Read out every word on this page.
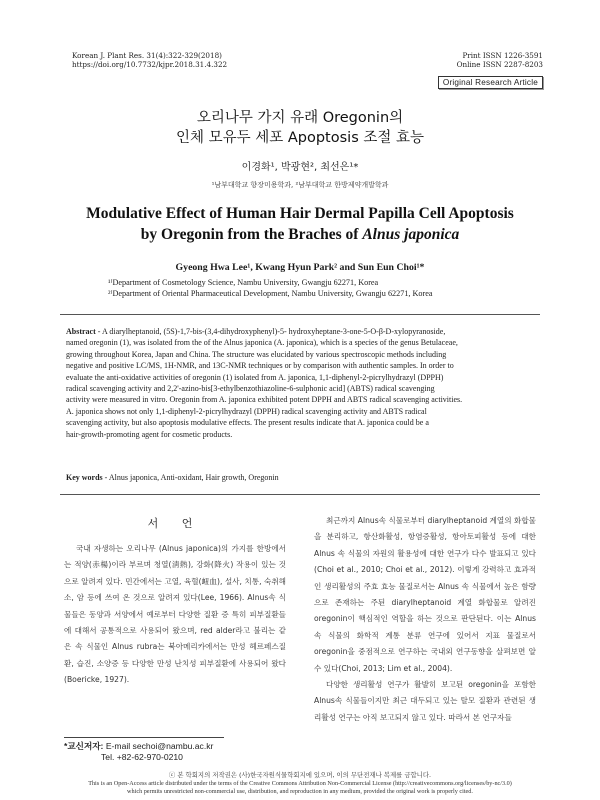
Korean J. Plant Res. 31(4):322-329(2018)
https://doi.org/10.7732/kjpr.2018.31.4.322
Print ISSN 1226-3591
Online ISSN 2287-8203
Original Research Article
오리나무 가지 유래 Oregonin의
인체 모유두 세포 Apoptosis 조절 효능
이경화¹, 박광현², 최선은¹*
¹남부대학교 향장미용학과, ²남부대학교 한방제약개발학과
Modulative Effect of Human Hair Dermal Papilla Cell Apoptosis
by Oregonin from the Braches of Alnus japonica
Gyeong Hwa Lee¹, Kwang Hyun Park² and Sun Eun Choi¹*
¹⁾Department of Cosmetology Science, Nambu University, Gwangju 62271, Korea
²⁾Department of Oriental Pharmaceutical Development, Nambu University, Gwangju 62271, Korea
Abstract - A diarylheptanoid, (5S)-1,7-bis-(3,4-dihydroxyphenyl)-5- hydroxyheptane-3-one-5-O-β-D-xylopyranoside,
named oregonin (1), was isolated from the of the Alnus japonica (A. japonica), which is a species of the genus Betulaceae,
growing throughout Korea, Japan and China. The structure was elucidated by various spectroscopic methods including
negative and positive LC/MS, 1H-NMR, and 13C-NMR techniques or by comparison with authentic samples. In order to
evaluate the anti-oxidative activities of oregonin (1) isolated from A. japonica, 1,1-diphenyl-2-picrylhydrazyl (DPPH)
radical scavenging activity and 2,2'-azino-bis[3-ethylbenzothiazoline-6-sulphonic acid] (ABTS) radical scavenging
activity were measured in vitro. Oregonin from A. japonica exhibited potent DPPH and ABTS radical scavenging activities.
A. japonica shows not only 1,1-diphenyl-2-picrylhydrazyl (DPPH) radical scavenging activity and ABTS radical
scavenging activity, but also apoptosis modulative effects. The present results indicate that A. japonica could be a
hair-growth-promoting agent for cosmetic products.
Key words - Alnus japonica, Anti-oxidant, Hair growth, Oregonin
서 언

국내 자생하는 오리나무 (Alnus japonica)의 가지를 한방에서는 적양(赤楊)이라 부르며 청열(淸熱), 강화(降火) 작용이 있는 것으로 알려져 있다. 민간에서는 고열, 육혈(衄血), 설사, 치통, 숙취해소, 암 등에 쓰여 온 것으로 알려져 있다(Lee, 1966). Alnus속 식물들은 동양과 서양에서 예로부터 다양한 질환 증 특히 피부질환들에 대해서 공통적으로 사용되어 왔으며, red alder라고 불리는 같은 속 식물인 Alnus rubra는 북아메리카에서는 만성 헤르페스질환, 습진, 소양증 등 다양한 만성 난치성 피부질환에 사용되어 왔다(Boericke, 1927).

최근까지 Alnus속 식물로부터 diarylheptanoid 계열의 화합물을 분리하고, 항산화활성, 항염증활성, 항아토피활성 등에 대한 Alnus 속 식물의 자원의 활용성에 대한 연구가 다수 발표되고 있다(Choi et al., 2010; Choi et al., 2012). 이렇게 강력하고 효과적인 생리활성의 주효 효능 물질로서는 Alnus 속 식물에서 높은 함량으로 존재하는 주된 diarylheptanoid 계열 화합물로 알려진 oregonin이 핵심적인 역할을 하는 것으로 판단된다. 이는 Alnus 속 식물의 화학적 계통 분류 연구에 있어서 지표 물질로서 oregonin을 중점적으로 연구하는 국내외 연구동향을 살펴보면 알 수 있다(Choi, 2013; Lim et al., 2004).

다양한 생리활성 연구가 활발히 보고된 oregonin을 포함한 Alnus속 식물들이지만 최근 대두되고 있는 탈모 질환과 관련된 생리활성 연구는 아직 보고되지 않고 있다. 따라서 본 연구자들

*교신저자: E-mail sechoi@nambu.ac.kr
Tel. +82-62-970-0210
ⓒ 본 학회지의 저작권은 (사)한국자원식물학회지에 있으며, 이의 무단전재나 복제를 금합니다.
This is an Open-Access article distributed under the terms of the Creative Commons Attribution Non-Commercial License (http://creativecommons.org/licenses/by-nc/3.0)
which permits unrestricted non-commercial use, distribution, and reproduction in any medium, provided the original work is properly cited.
